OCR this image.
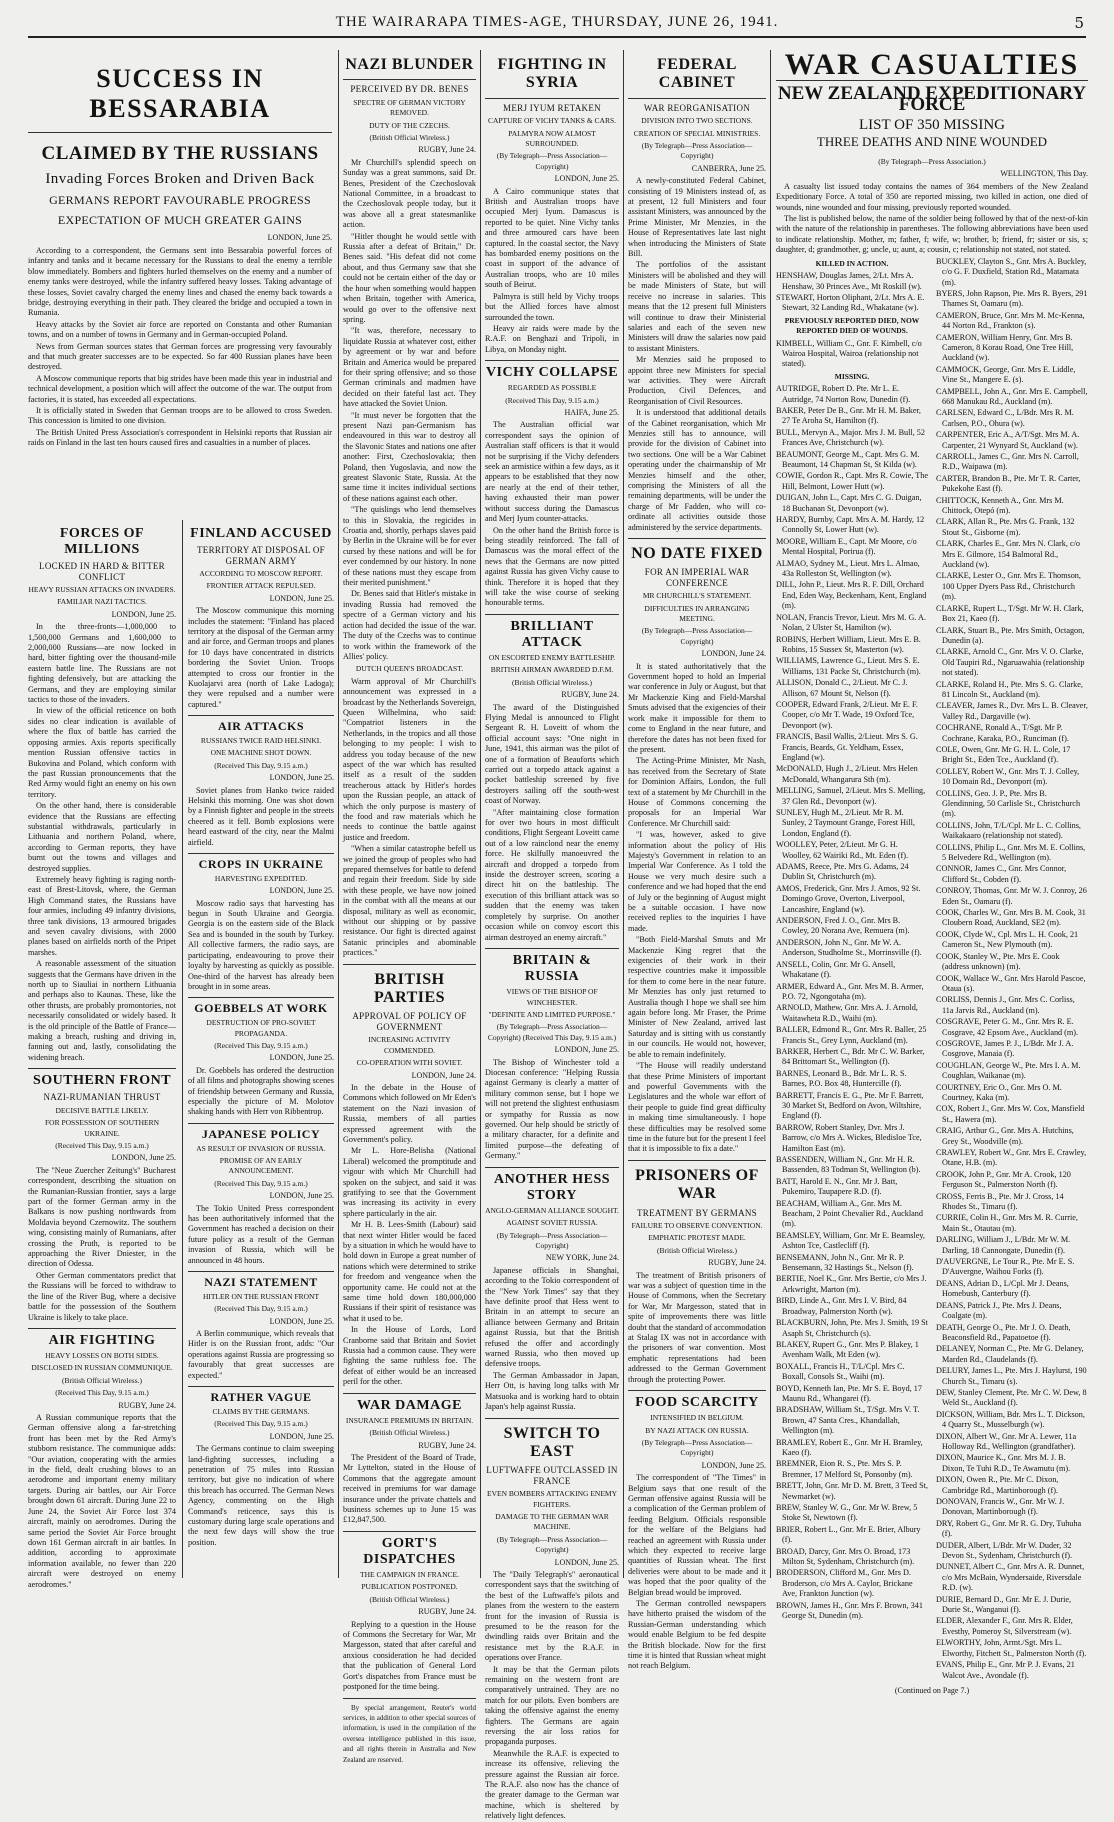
THE WAIRARAPA TIMES-AGE, THURSDAY, JUNE 26, 1941.	5
SUCCESS IN BESSARABIA
CLAIMED BY THE RUSSIANS
Invading Forces Broken and Driven Back
GERMANS REPORT FAVOURABLE PROGRESS
EXPECTATION OF MUCH GREATER GAINS
LONDON, June 25.

According to a correspondent, the Germans sent into Bessarabia powerful forces of infantry and tanks and it became necessary for the Russians to deal the enemy a terrible blow immediately. Bombers and fighters hurled themselves on the enemy and a number of enemy tanks were destroyed, while the infantry suffered heavy losses. Taking advantage of these losses, Soviet cavalry charged the enemy lines and chased the enemy back towards a bridge, destroying everything in their path. They cleared the bridge and occupied a town in Rumania.

Heavy attacks by the Soviet air force are reported on Constanta and other Rumanian towns, and on a number of towns in Germany and in German-occupied Poland.

News from German sources states that German forces are progressing very favourably and that much greater successes are to be expected. So far 400 Russian planes have been destroyed.

A Moscow communique reports that big strides have been made this year in industrial and technical development, a position which will affect the outcome of the war. The output from factories, it is stated, has exceeded all expectations.

It is officially stated in Sweden that German troops are to be allowed to cross Sweden. This concession is limited to one division.

The British United Press Association's correspondent in Helsinki reports that Russian air raids on Finland in the last ten hours caused fires and casualties in a number of places.

FORCES OF MILLIONS
LOCKED IN HARD & BITTER CONFLICT
HEAVY RUSSIAN ATTACKS ON INVADERS.
FAMILIAR NAZI TACTICS.
LONDON, June 25.

In the three-fronts—1,000,000 to 1,500,000 Germans and 1,600,000 to 2,000,000 Russians—are now locked in hard, bitter fighting over the thousand-mile eastern battle line. The Russians are not fighting defensively, but are attacking the Germans, and they are employing similar tactics to those of the invaders.

In view of the official reticence on both sides no clear indication is available of where the flux of battle has carried the opposing armies. Axis reports specifically mention Russian offensive tactics in Bukovina and Poland, which conform with the past Russian pronouncements that the Red Army would fight an enemy on his own territory.

On the other hand, there is considerable evidence that the Russians are effecting substantial withdrawals, particularly in Lithuania and northern Poland, where, according to German reports, they have burnt out the towns and villages and destroyed supplies.

Extremely heavy fighting is raging north-east of Brest-Litovsk, where, the German High Command states, the Russians have four armies, including 49 infantry divisions, three tank divisions, 13 armoured brigades and seven cavalry divisions, with 2000 planes based on airfields north of the Pripet marshes.

A reasonable assessment of the situation suggests that the Germans have driven in the north up to Siauliai in northern Lithuania and perhaps also to Kaunas. These, like the other thrusts, are probably promontories, not necessarily consolidated or widely based. It is the old principle of the Battle of France—making a breach, rushing and driving in, fanning out and, lastly, consolidating the widening breach.

SOUTHERN FRONT
NAZI-RUMANIAN THRUST
DECISIVE BATTLE LIKELY.
FOR POSSESSION OF SOUTHERN UKRAINE.
(Received This Day, 9.15 a.m.)
LONDON, June 25.

The "Neue Zuercher Zeitung's" Bucharest correspondent, describing the situation on the Rumanian-Russian frontier, says a large part of the former German army in the Balkans is now pushing northwards from Moldavia beyond Czernowitz. The southern wing, consisting mainly of Rumanians, after crossing the Pruth, is reported to be approaching the River Dniester, in the direction of Odessa.

Other German commentators predict that the Russians will be forced to withdraw to the line of the River Bug, where a decisive battle for the possession of the Southern Ukraine is likely to take place.

AIR FIGHTING
HEAVY LOSSES ON BOTH SIDES.
DISCLOSED IN RUSSIAN COMMUNIQUE.
(British Official Wireless.)
(Received This Day, 9.15 a.m.)
RUGBY, June 24.

A Russian communique reports that the German offensive along a far-stretching front has been met by the Red Army's stubborn resistance. The communique adds: "Our aviation, cooperating with the armies in the field, dealt crushing blows to an aerodrome and important enemy military targets. During air battles, our Air Force brought down 61 aircraft. During June 22 to June 24, the Soviet Air Force lost 374 aircraft, mainly on aerodromes. During the same period the Soviet Air Force brought down 161 German aircraft in air battles. In addition, according to approximate information available, no fewer than 220 aircraft were destroyed on enemy aerodromes."

FINLAND ACCUSED
TERRITORY AT DISPOSAL OF GERMAN ARMY
ACCORDING TO MOSCOW REPORT.
FRONTIER ATTACK REPULSED.
LONDON, June 25.

The Moscow communique this morning includes the statement: "Finland has placed territory at the disposal of the German army and air force, and German troops and planes for 10 days have concentrated in districts bordering the Soviet Union. Troops attempted to cross our frontier in the Kuolajarvi area (north of Lake Ladoga); they were repulsed and a number were captured."

AIR ATTACKS
RUSSIANS TWICE RAID HELSINKI.
ONE MACHINE SHOT DOWN.
(Received This Day, 9.15 a.m.)
LONDON, June 25.

Soviet planes from Hanko twice raided Helsinki this morning. One was shot down by a Finnish fighter and people in the streets cheered as it fell. Bomb explosions were heard eastward of the city, near the Malmi airfield.

CROPS IN UKRAINE
HARVESTING EXPEDITED.
LONDON, June 25.

Moscow radio says that harvesting has begun in South Ukraine and Georgia. Georgia is on the eastern side of the Black Sea and is bounded in the south by Turkey. All collective farmers, the radio says, are participating, endeavouring to prove their loyalty by harvesting as quickly as possible. One-third of the harvest has already been brought in in some areas.

GOEBBELS AT WORK
DESTRUCTION OF PRO-SOVIET PROPAGANDA.
(Received This Day, 9.15 a.m.)
LONDON, June 25.

Dr. Goebbels has ordered the destruction of all films and photographs showing scenes of friendship between Germany and Russia, especially the picture of M. Molotov shaking hands with Herr von Ribbentrop.

JAPANESE POLICY
AS RESULT OF INVASION OF RUSSIA.
PROMISE OF AN EARLY ANNOUNCEMENT.
(Received This Day, 9.15 a.m.)
LONDON, June 25.

The Tokio United Press correspondent has been authoritatively informed that the Government has reached a decision on their future policy as a result of the German invasion of Russia, which will be announced in 48 hours.

NAZI STATEMENT
HITLER ON THE RUSSIAN FRONT
(Received This Day, 9.15 a.m.)
LONDON, June 25.

A Berlin communique, which reveals that Hitler is on the Russian front, adds: "Our operations against Russia are progressing so favourably that great successes are expected."

RATHER VAGUE
CLAIMS BY THE GERMANS.
(Received This Day, 9.15 a.m.)
LONDON, June 25.

The Germans continue to claim sweeping land-fighting successes, including a penetration of 75 miles into Russian territory, but give no indication of where this breach has occurred. The German News Agency, commenting on the High Command's reticence, says this is customary during large scale operations and the next few days will show the true position.

NAZI BLUNDER
PERCEIVED BY DR. BENES
SPECTRE OF GERMAN VICTORY REMOVED.
DUTY OF THE CZECHS.
(British Official Wireless.)
RUGBY, June 24.

Mr Churchill's splendid speech on Sunday was a great summons, said Dr. Benes, President of the Czechoslovak National Committee, in a broadcast to the Czechoslovak people today, but it was above all a great statesmanlike action.

"Hitler thought he would settle with Russia after a defeat of Britain," Dr. Benes said. "His defeat did not come about, and thus Germany saw that she could not be certain either of the day or the hour when something would happen when Britain, together with America, would go over to the offensive next spring.

"It was, therefore, necessary to liquidate Russia at whatever cost, either by agreement or by war and before Britain and America would be prepared for their spring offensive; and so those German criminals and madmen have decided on their fateful last act. They have attacked the Soviet Union.

"It must never be forgotten that the present Nazi pan-Germanism has endeavoured in this war to destroy all the Slavonic States and nations one after another: First, Czechoslovakia; then Poland, then Yugoslavia, and now the greatest Slavonic State, Russia. At the same time it incites individual sections of these nations against each other.

"The quislings who lend themselves to this in Slovakia, the regicides in Croatia and, shortly, perhaps slaves paid by Berlin in the Ukraine will be for ever cursed by these nations and will be for ever condemned by our history. In none of these nations must they escape from their merited punishment."

Dr. Benes said that Hitler's mistake in invading Russia had removed the spectre of a German victory and his action had decided the issue of the war. The duty of the Czechs was to continue to work within the framework of the Allies' policy.

DUTCH QUEEN'S BROADCAST.

Warm approval of Mr Churchill's announcement was expressed in a broadcast by the Netherlands Sovereign, Queen Wilhelmina, who said: "Compatriot listeners in the Netherlands, in the tropics and all those belonging to my people: I wish to address you today because of the new aspect of the war which has resulted itself as a result of the sudden treacherous attack by Hitler's hordes upon the Russian people, an attack of which the only purpose is mastery of the food and raw materials which he needs to continue the battle against justice and freedom.

"When a similar catastrophe befell us we joined the group of peoples who had prepared themselves for battle to defend and regain their freedom. Side by side with these people, we have now joined in the combat with all the means at our disposal, military as well as economic, without our shipping or by passive resistance. Our fight is directed against Satanic principles and abominable practices."

BRITISH PARTIES
APPROVAL OF POLICY OF GOVERNMENT
INCREASING ACTIVITY COMMENDED.
CO-OPERATION WITH SOVIET.
LONDON, June 24.

In the debate in the House of Commons which followed on Mr Eden's statement on the Nazi invasion of Russia, members of all parties expressed agreement with the Government's policy.

Mr L. Hore-Belisha (National Liberal) welcomed the promptitude and vigour with which Mr Churchill had spoken on the subject, and said it was gratifying to see that the Government was increasing its activity in every sphere particularly in the air.

Mr H. B. Lees-Smith (Labour) said that next winter Hitler would be faced by a situation in which he would have to hold down in Europe a great number of nations which were determined to strike for freedom and vengeance when the opportunity came. He could not at the same time hold down 180,000,000 Russians if their spirit of resistance was what it used to be.

In the House of Lords, Lord Cranborne said that Britain and Soviet Russia had a common cause. They were fighting the same ruthless foe. The defeat of either would be an increased peril for the other.

WAR DAMAGE
INSURANCE PREMIUMS IN BRITAIN.
(British Official Wireless.)
RUGBY, June 24.

The President of the Board of Trade, Mr Lyttelton, stated in the House of Commons that the aggregate amount received in premiums for war damage insurance under the private chattels and business schemes up to June 15 was £12,847,500.

GORT'S DISPATCHES
THE CAMPAIGN IN FRANCE.
PUBLICATION POSTPONED.
(British Official Wireless.)
RUGBY, June 24.

Replying to a question in the House of Commons the Secretary for War, Mr Margesson, stated that after careful and anxious consideration he had decided that the publication of General Lord Gort's dispatches from France must be postponed for the time being.

By special arrangement, Reuter's world services, in addition to other special sources of information, is used in the compilation of the oversea intelligence published in this issue, and all rights therein in Australia and New Zealand are reserved.

FIGHTING IN SYRIA
MERJ IYUM RETAKEN
CAPTURE OF VICHY TANKS & CARS.
PALMYRA NOW ALMOST SURROUNDED.
(By Telegraph—Press Association—Copyright)
LONDON, June 25.

A Cairo communique states that British and Australian troops have occupied Merj Iyum. Damascus is reported to be quiet. Nine Vichy tanks and three armoured cars have been captured. In the coastal sector, the Navy has bombarded enemy positions on the coast in support of the advance of Australian troops, who are 10 miles south of Beirut.

Palmyra is still held by Vichy troops but the Allied forces have almost surrounded the town.

Heavy air raids were made by the R.A.F. on Benghazi and Tripoli, in Libya, on Monday night.

VICHY COLLAPSE
REGARDED AS POSSIBLE
(Received This Day, 9.15 a.m.)
HAIFA, June 25.

The Australian official war correspondent says the opinion of Australian staff officers is that it would not be surprising if the Vichy defenders seek an armistice within a few days, as it appears to be established that they now are nearly at the end of their tether, having exhausted their man power without success during the Damascus and Merj Iyum counter-attacks.

On the other hand the British force is being steadily reinforced. The fall of Damascus was the moral effect of the news that the Germans are now pitted against Russia has given Vichy cause to think. Therefore it is hoped that they will take the wise course of seeking honourable terms.

BRILLIANT ATTACK
ON ESCORTED ENEMY BATTLESHIP.
BRITISH AIRMAN AWARDED D.F.M.
(British Official Wireless.)
RUGBY, June 24.

The award of the Distinguished Flying Medal is announced to Flight Sergeant R. H. Loveitt of whom the official account says: "One night in June, 1941, this airman was the pilot of one of a formation of Beauforts which carried out a torpedo attack against a pocket battleship screened by five destroyers sailing off the south-west coast of Norway.

"After maintaining close formation for over two hours in most difficult conditions, Flight Sergeant Loveitt came out of a low rainclond near the enemy force. He skilfully manoeuvred the aircraft and dropped a torpedo from inside the destroyer screen, scoring a direct hit on the battleship. The execution of this brilliant attack was so sudden that the enemy was taken completely by surprise. On another occasion while on convoy escort this airman destroyed an enemy aircraft."

BRITAIN & RUSSIA
VIEWS OF THE BISHOP OF WINCHESTER.
"DEFINITE AND LIMITED PURPOSE."
(By Telegraph—Press Association—Copyright) (Received This Day, 9.15 a.m.)
LONDON, June 25.

The Bishop of Winchester told a Diocesan conference: "Helping Russia against Germany is clearly a matter of military common sense, but I hope we will not pretend the slightest enthusiasm or sympathy for Russia as now governed. Our help should be strictly of a military character, for a definite and limited purpose—the defeating of Germany."

ANOTHER HESS STORY
ANGLO-GERMAN ALLIANCE SOUGHT.
AGAINST SOVIET RUSSIA.
(By Telegraph—Press Association—Copyright)
NEW YORK, June 24.

Japanese officials in Shanghai, according to the Tokio correspondent of the "New York Times" say that they have definite proof that Hess went to Britain in an attempt to secure an alliance between Germany and Britain against Russia, but that the British refused the offer and accordingly warned Russia, who then moved up defensive troops.

The German Ambassador in Japan, Herr Ott, is having long talks with Mr Matsuoka and is working hard to obtain Japan's help against Russia.

SWITCH TO EAST
LUFTWAFFE OUTCLASSED IN FRANCE
EVEN BOMBERS ATTACKING ENEMY FIGHTERS.
DAMAGE TO THE GERMAN WAR MACHINE.
(By Telegraph—Press Association—Copyright)
LONDON, June 25.

The "Daily Telegraph's" aeronautical correspondent says that the switching of the best of the Luftwaffe's pilots and planes from the western to the eastern front for the invasion of Russia is presumed to be the reason for the dwindling raids over Britain and the resistance met by the R.A.F. in operations over France.

It may be that the German pilots remaining on the western front are comparatively untrained. They are no match for our pilots. Even bombers are taking the offensive against the enemy fighters. The Germans are again reversing the air loss ratios for propaganda purposes.

Meanwhile the R.A.F. is expected to increase its offensive, relieving the pressure against the Russian air force. The R.A.F. also now has the chance of the greater damage to the German war machine, which is sheltered by relatively light defences.

FEDERAL CABINET
WAR REORGANISATION
DIVISION INTO TWO SECTIONS.
CREATION OF SPECIAL MINISTRIES.
(By Telegraph—Press Association—Copyright)
CANBERRA, June 25.

A newly-constituted Federal Cabinet, consisting of 19 Ministers instead of, as at present, 12 full Ministers and four assistant Ministers, was announced by the Prime Minister, Mr Menzies, in the House of Representatives late last night when introducing the Ministers of State Bill.

The portfolios of the assistant Ministers will be abolished and they will be made Ministers of State, but will receive no increase in salaries. This means that the 12 present full Ministers will continue to draw their Ministerial salaries and each of the seven new Ministers will draw the salaries now paid to assistant Ministers.

Mr Menzies said he proposed to appoint three new Ministers for special war activities. They were Aircraft Production, Civil Defences, and Reorganisation of Civil Resources.

It is understood that additional details of the Cabinet reorganisation, which Mr Menzies still has to announce, will provide for the division of Cabinet into two sections. One will be a War Cabinet operating under the chairmanship of Mr Menzies himself and the other, comprising the Ministers of all the remaining departments, will be under the charge of Mr Fadden, who will co-ordinate all activities outside those administered by the service departments.

NO DATE FIXED
FOR AN IMPERIAL WAR CONFERENCE
MR CHURCHILL'S STATEMENT.
DIFFICULTIES IN ARRANGING MEETING.
(By Telegraph—Press Association—Copyright)
LONDON, June 24.

It is stated authoritatively that the Government hoped to hold an Imperial war conference in July or August, but that Mr Mackenzie King and Field-Marshal Smuts advised that the exigencies of their work make it impossible for them to come to England in the near future, and therefore the dates has not been fixed for the present.

The Acting-Prime Minister, Mr Nash, has received from the Secretary of State for Dominion Affairs, London, the full text of a statement by Mr Churchill in the House of Commons concerning the proposals for an Imperial War Conference. Mr Churchill said:

"I was, however, asked to give information about the policy of His Majesty's Government in relation to an Imperial War Conference. As I told the House we very much desire such a conference and we had hoped that the end of July or the beginning of August might be a suitable occasion. I have now received replies to the inquiries I have made.

"Both Field-Marshal Smuts and Mr Mackenzie King regret that the exigencies of their work in their respective countries make it impossible for them to come here in the near future. Mr Menzies has only just returned to Australia though I hope we shall see him again before long. Mr Fraser, the Prime Minister of New Zealand, arrived last Saturday and is sitting with us constantly in our councils. He would not, however, be able to remain indefinitely.

"The House will readily understand that these Prime Ministers of important and powerful Governments with the Legislatures and the whole war effort of their people to guide find great difficulty in making time simultaneously. I hope these difficulties may be resolved some time in the future but for the present I feel that it is impossible to fix a date."

PRISONERS OF WAR
TREATMENT BY GERMANS
FAILURE TO OBSERVE CONVENTION.
EMPHATIC PROTEST MADE.
(British Official Wireless.)
RUGBY, June 24.

The treatment of British prisoners of war was a subject of question time in the House of Commons, when the Secretary for War, Mr Margesson, stated that in spite of improvements there was little doubt that the standard of accommodation at Stalag IX was not in accordance with the prisoners of war convention. Most emphatic representations had been addressed to the German Government through the protecting Power.

FOOD SCARCITY
INTENSIFIED IN BELGIUM.
BY NAZI ATTACK ON RUSSIA.
(By Telegraph—Press Association—Copyright)
LONDON, June 25.

The correspondent of "The Times" in Belgium says that one result of the German offensive against Russia will be a complication of the German problem of feeding Belgium. Officials responsible for the welfare of the Belgians had reached an agreement with Russia under which they expected to receive large quantities of Russian wheat. The first deliveries were about to be made and it was hoped that the poor quality of the Belgian bread would be improved.

The German controlled newspapers have hitherto praised the wisdom of the Russian-German understanding which would enable Belgium to be fed despite the British blockade. Now for the first time it is hinted that Russian wheat might not reach Belgium.

WAR CASUALTIES
NEW ZEALAND EXPEDITIONARY FORCE
LIST OF 350 MISSING
THREE DEATHS AND NINE WOUNDED
(By Telegraph—Press Association.)
WELLINGTON, This Day.

A casualty list issued today contains the names of 364 members of the New Zealand Expeditionary Force. A total of 350 are reported missing, two killed in action, one died of wounds, nine wounded and four missing, previously reported wounded.

The list is published below, the name of the soldier being followed by that of the next-of-kin with the nature of the relationship in parentheses. The following abbreviations have been used to indicate relationship. Mother, m; father, f; wife, w; brother, b; friend, fr; sister or sis, s; daughter, d; grandmother, g; uncle, u; aunt, a; cousin, c; relationship not stated, not stated.

KILLED IN ACTION.
HENSHAW, Douglas James, 2/Lt. Mrs A. Henshaw, 30 Princes Ave., Mt Roskill (w).
STEWART, Horton Oliphant, 2/Lt. Mrs A. E. Stewart, 32 Landing Rd., Whakatane (w).
PREVIOUSLY REPORTED DIED, NOW REPORTED DIED OF WOUNDS.
KIMBELL, William C., Gnr. F. Kimbell, c/o Wairoa Hospital, Wairoa (relationship not stated).
MISSING.
AUTRIDGE, Robert D. Pte. Mr L. E. Autridge, 74 Norton Row, Dunedin (f).
BAKER, Peter De B., Gnr. Mr H. M. Baker, 27 Te Aroha St, Hamilton (f).
BULL, Mervyn A., Major. Mrs J. M. Bull, 52 Frances Ave, Christchurch (w).
BEAUMONT, George M., Capt. Mrs G. M. Beaumont, 14 Chapman St, St Kilda (w).
COWIE, Gordon R., Capt. Mrs R. Cowie, The Hill, Belmont, Lower Hutt (w).
DUIGAN, John L., Capt. Mrs C. G. Duigan, 18 Buchanan St, Devonport (w).
HARDY, Burnby, Capt. Mrs A. M. Hardy, 12 Connolly St, Lower Hutt (w).
MOORE, William E., Capt. Mr Moore, c/o Mental Hospital, Porirua (f).
ALMAO, Sydney M., Lieut. Mrs L. Almao, 43a Rolleston St, Wellington (w).
DILL, John P., Lieut. Mrs R. F. Dill, Orchard End, Eden Way, Beckenham, Kent, England (m).
NOLAN, Francis Trevor, Lieut. Mrs M. G. A. Nolan, 2 Ulster St, Hamilton (w).
ROBINS, Herbert William, Lieut. Mrs E. B. Robins, 15 Sussex St, Masterton (w).
WILLIAMS, Lawrence G., Lieut. Mrs S. E. Williams, 131 Packe St, Christchurch (m).
ALLISON, Donald C., 2/Lieut. Mr C. J. Allison, 67 Mount St, Nelson (f).
COOPER, Edward Frank, 2/Lieut. Mr E. F. Cooper, c/o Mr T. Wade, 19 Oxford Tce, Devonport (w).
FRANCIS, Basil Wallis, 2/Lieut. Mrs S. G. Francis, Beards, Gt. Yeldham, Essex, England (w).
McDONALD, Hugh J., 2/Lieut. Mrs Helen McDonald, Whangarura Sth (m).
MELLING, Samuel, 2/Lieut. Mrs S. Melling, 37 Glen Rd., Devonport (w).
SUNLEY, Hugh M., 2/Lieut. Mr R. M. Sunley, 2 Taymount Grange, Forest Hill, London, England (f).
WOOLLEY, Peter, 2/Lieut. Mr G. H. Woolley, 62 Wairiki Rd., Mt. Eden (f).
ADAMS, Reece, Pte. Mrs G. Adams, 24 Dublin St, Christchurch (m).
AMOS, Frederick, Gnr. Mrs J. Amos, 92 St. Domingo Grove, Overton, Liverpool, Lancashire, England (w).
ANDERSON, Fred J. O., Gnr. Mrs B. Cowley, 20 Norana Ave, Remuera (m).
ANDERSON, John N., Gnr. Mr W. A. Anderson, Studholme St., Morrinsville (f).
ANSELL, Colin, Gnr. Mr G. Ansell, Whakatane (f).
ARMER, Edward A., Gnr. Mrs M. B. Armer, P.O. 72, Ngongotaha (m).
ARNOLD, Mathew, Gnr. Mrs A. J. Arnold, Waitawheta R.D., Waihi (m).
BALLER, Edmond R., Gnr. Mrs R. Baller, 25 Francis St., Grey Lynn, Auckland (m).
BARKER, Herbert C., Bdr. Mr C. W. Barker, 84 Brittomart St., Wellington (f).
BARNES, Leonard B., Bdr. Mr L. R. S. Barnes, P.O. Box 48, Huntercille (f).
BARRETT, Francis E. G., Pte. Mr F. Barrett, 30 Market St, Bedford on Avon, Wiltshire, England (f).
BARROW, Robert Stanley, Dvr. Mrs J. Barrow, c/o Mrs A. Wickes, Bledisloe Tce, Hamilton East (m).
BASSENDEN, William N., Gnr. Mr H. R. Bassenden, 83 Todman St, Wellington (b).
BATT, Harold E. N., Gnr. Mr J. Batt, Pukemiro, Taupapere R.D. (f).
BEACHAM, William A., Gnr. Mrs M. Beacham, 2 Point Chevalier Rd., Auckland (m).
BEAMSLEY, William, Gnr. Mr E. Beamsley, Ashton Tce, Castlecliff (f).
BENSEMANN, John N., Gnr. Mr R. P. Bensemann, 32 Hastings St., Nelson (f).
BERTIE, Noel K., Gnr. Mrs Bertie, c/o Mrs J. Arkwright, Marton (m).
BIRD, Linde A., Gnr. Mrs I. V. Bird, 84 Broadway, Palmerston North (w).
BLACKBURN, John, Pte. Mrs J. Smith, 19 St Asaph St, Christchurch (s).
BLAKEY, Rupert G., Gnr. Mrs P. Blakey, 1 Avenham Walk, Mt Eden (w).
BOXALL, Francis H., T/L/Cpl. Mrs C. Boxall, Consols St., Waihi (m).
BOYD, Kenneth Ian, Pte. Mr S. E. Boyd, 17 Maunu Rd., Whangarei (f).
BRADSHAW, William St., T/Sgt. Mrs V. T. Brown, 47 Santa Cres., Khandallah, Wellington (m).
BRAMLEY, Robert E., Gnr. Mr H. Bramley, Kaeo (f).
BREMNER, Eion R. S., Pte. Mrs S. P. Bremner, 17 Melford St, Ponsonby (m).
BRETT, John, Gnr. Mr D. M. Brett, 3 Teed St, Newmarket (w).
BREW, Stanley W. G., Gnr. Mr W. Brew, 5 Stoke St, Newtown (f).
BRIER, Robert L., Gnr. Mr E. Brier, Albury (f).
BROAD, Darcy, Gnr. Mrs O. Broad, 173 Milton St, Sydenham, Christchurch (m).
BRODERSON, Clifford M., Gnr. Mrs D. Broderson, c/o Mrs A. Caylor, Brickane Ave, Frankton Junction (w).
BROWN, James H., Gnr. Mrs F. Brown, 341 George St, Dunedin (m).
BUCKLEY, Clayton S., Gnr. Mrs A. Buckley, c/o G. F. Duxfield, Station Rd., Matamata (m).
BYERS, John Rapson, Pte. Mrs R. Byers, 291 Thames St, Oamaru (m).
CAMERON, Bruce, Gnr. Mrs M. Mc-Kenna, 44 Norton Rd., Frankton (s).
CAMERON, William Henry, Gnr. Mrs B. Cameron, 8 Korau Road, One Tree Hill, Auckland (w).
CAMMOCK, George, Gnr. Mrs E. Liddle, Vine St., Mangere E. (s).
CAMPBELL, John A., Gnr. Mrs E. Campbell, 668 Manukau Rd., Auckland (m).
CARLSEN, Edward C., L/Bdr. Mrs R. M. Carlsen, P.O., Ohura (w).
CARPENTER, Eric A., A/T/Sgt. Mrs M. A. Carpenter, 21 Wynyard St, Auckland (w).
CARROLL, James C., Gnr. Mrs N. Carroll, R.D., Waipawa (m).
CARTER, Brandon B., Pte. Mr T. R. Carter, Pukekohe East (f).
CHITTOCK, Kenneth A., Gnr. Mrs M. Chittock, Otepó (m).
CLARK, Allan R., Pte. Mrs G. Frank, 132 Stout St., Gisborne (m).
CLARK, Charles E., Gnr. Mrs N. Clark, c/o Mrs E. Gilmore, 154 Balmoral Rd., Auckland (w).
CLARKE, Lester O., Gnr. Mrs E. Thomson, 100 Upper Dyers Pass Rd., Christchurch (m).
CLARKE, Rupert L., T/Sgt. Mr W. H. Clark, Box 21, Kaeo (f).
CLARK, Stuart B., Pte. Mrs Smith, Octagon, Dunedin (a).
CLARKE, Arnold C., Gnr. Mrs V. O. Clarke, Old Taupiri Rd., Ngaruawahia (relationship not stated).
CLARKE, Roland H., Pte. Mrs S. G. Clarke, 81 Lincoln St., Auckland (m).
CLEAVER, James R., Dvr. Mrs L. B. Cleaver, Valley Rd., Dargaville (w).
COCHRANE, Ronald A., T/Sgt. Mr P. Cochrane, Karaka, P.O., Runciman (f).
COLE, Owen, Gnr. Mr G. H. L. Cole, 17 Bright St., Eden Tce., Auckland (f).
COLLEY, Robert W., Gnr. Mrs T. J. Colley, 10 Domain Rd., Devonport (m).
COLLINS, Geo. J. P., Pte. Mrs B. Glendinning, 50 Carlisle St., Christchurch (m).
COLLINS, John, T/L/Cpl. Mr L. C. Collins, Waikakaaro (relationship not stated).
COLLINS, Philip L., Gnr. Mrs M. E. Collins, 5 Belvedere Rd., Wellington (m).
CONNOR, James C., Gnr. Mrs Connor, Clifford St., Cobden (f).
CONROY, Thomas, Gnr. Mr W. J. Conroy, 26 Eden St., Oamaru (f).
COOK, Charles W., Gnr. Mrs B. M. Cook, 31 Cloubern Road, Auckland, SE2 (m).
COOK, Clyde W., Cpl. Mrs L. H. Cook, 21 Cameron St., New Plymouth (m).
COOK, Stanley W., Pte. Mrs E. Cook (address unknown) (m).
COOK, Wallace W., Gnr. Mrs Harold Pascoe, Otaua (s).
CORLISS, Dennis J., Gnr. Mrs C. Corliss, 11a Jarvis Rd., Auckland (m).
COSGRAVE, Peter G. M., Gnr. Mrs R. E. Cosgrave, 42 Epsom Ave., Auckland (m).
COSGROVE, James P. J., L/Bdr. Mr J. A. Cosgrove, Manaia (f).
COUGHLAN, George W., Pte. Mrs I. A. M. Coughlan, Waikanae (m).
COURTNEY, Eric O., Gnr. Mrs O. M. Courtney, Kaka (m).
COX, Robert J., Gnr. Mrs W. Cox, Mansfield St., Hawera (m).
CRAIG, Arthur G., Gnr. Mrs A. Hutchins, Grey St., Woodville (m).
CRAWLEY, Robert W., Gnr. Mrs E. Crawley, Otane, H.B. (m).
CROOK, John P., Gnr. Mr A. Crook, 120 Ferguson St., Palmerston North (f).
CROSS, Ferris B., Pte. Mr J. Cross, 14 Rhodes St., Timaru (f).
CURRIE, Colin H., Gnr. Mrs M. R. Currie, Main St., Otautau (m).
DARLING, William J., L/Bdr. Mr W. M. Darling, 18 Cannongate, Dunedin (f).
D'AUVERGNE, Le Tour R., Pte. Mr E. S. D'Auvergne, Waihou Forks (f).
DEANS, Adrian D., L/Cpl. Mr J. Deans, Homebush, Canterbury (f).
DEANS, Patrick J., Pte. Mrs J. Deans, Coalgate (m).
DEATH, George O., Pte. Mr J. O. Death, Beaconsfield Rd., Papatoetoe (f).
DELANEY, Norman C., Pte. Mr G. Delaney, Marden Rd., Claudelands (f).
DELURY, James L., Pte. Mrs J. Haylurst, 190 Church St., Timaru (s).
DEW, Stanley Clement, Pte. Mr C. W. Dew, 8 Weld St., Auckland (f).
DICKSON, William, Bdr. Mrs L. T. Dickson, 4 Quarry St., Musselburgh (w).
DIXON, Albert W., Gnr. Mr A. Lewer, 11a Holloway Rd., Wellington (grandfather).
DIXON, Maurice K., Gnr. Mrs M. J. B. Dixon, Te Tuhi R.D., Te Awamutu (m).
DIXON, Owen R., Pte. Mr C. Dixon, Cambridge Rd., Martinborough (f).
DONOVAN, Francis W., Gnr. Mr W. J. Donovan, Martinborough (f).
DRY, Robert G., Gnr. Mr R. G. Dry, Tuhuha (f).
DUDER, Albert, L/Bdr. Mr W. Duder, 32 Devon St., Sydenham, Christchurch (f).
DUNNET, Albert C., Gnr. Mrs A. R. Dunnet, c/o Mrs McBain, Wyndersaide, Riversdale R.D. (w).
DURIE, Bernard D., Gnr. Mr E. J. Durie, Durie St., Wanganui (f).
ELDER, Alexander F., Gnr. Mrs R. Elder, Evesthy, Pomeroy St, Silverstream (w).
ELWORTHY, John, Armt./Sgt. Mrs L. Elworthy, Fitchett St., Palmerston North (f).
EVANS, Philip E., Gnr. Mr P. J. Evans, 21 Walcot Ave., Avondale (f).
(Continued on Page 7.)
